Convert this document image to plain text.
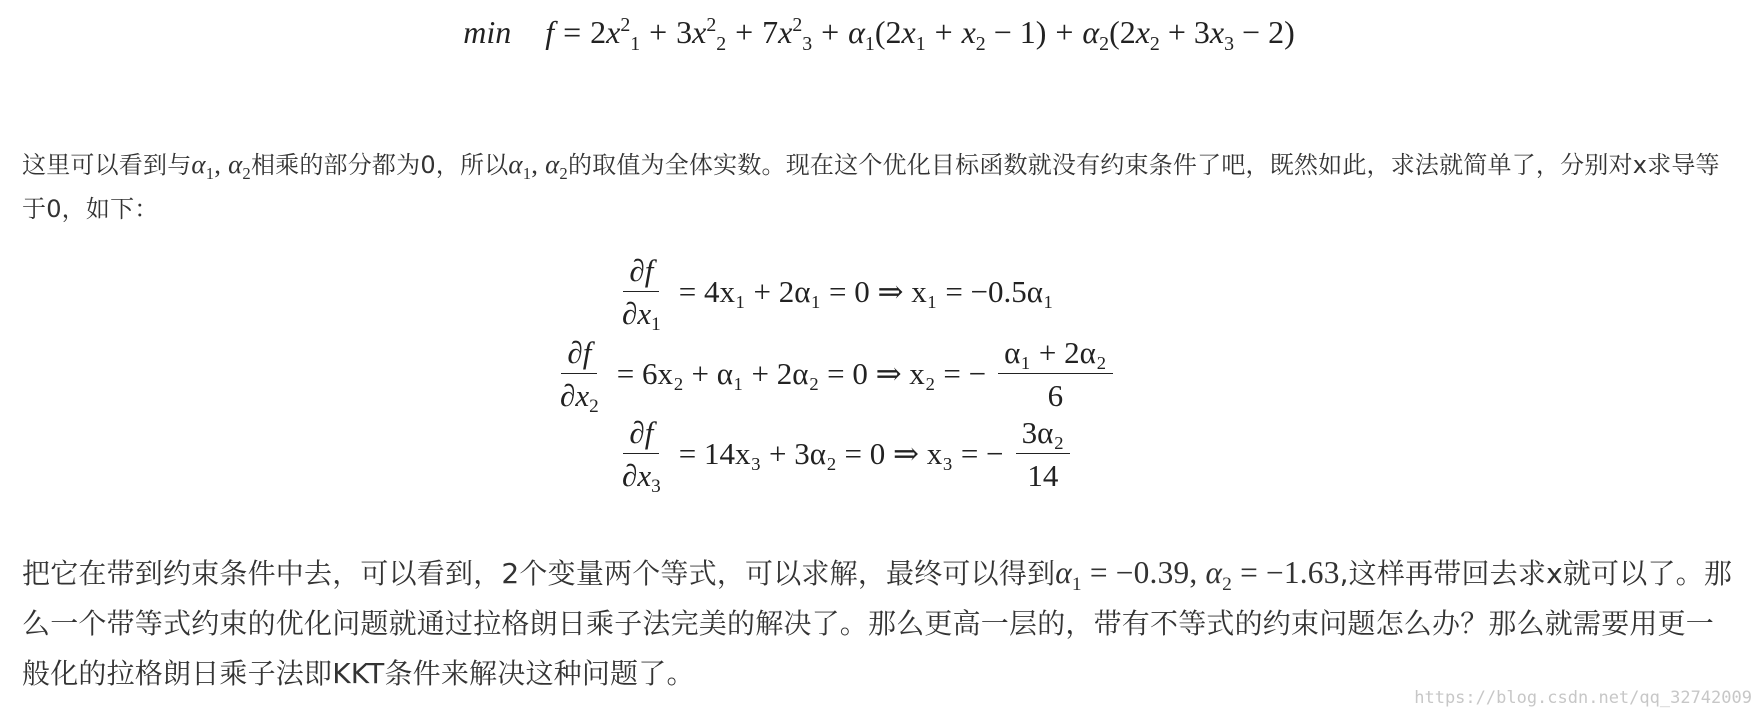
$\min f = 2x^2_1 + 3x^2_2 + 7x^2_3 + \alpha_1(2x_1 + x_2 - 1) + \alpha_2(2x_2 + 3x_3 - 2)$
这里可以看到与$\alpha_1$, $\alpha_2$相乘的部分都为0，所以$\alpha_1$, $\alpha_2$的取值为全体实数。现在这个优化目标函数就没有约束条件了吧，既然如此，求法就简单了，分别对x求导等于0，如下：
$\frac{\partial f}{\partial x_1} = 4x_1 + 2\alpha_1 = 0$ ⇒ x₁ = −0.5α₁
$\frac{\partial f}{\partial x_2} = 6x_2 + \alpha_1 + 2\alpha_2 = 0$ ⇒ x₂ = − $\frac{\text{α₁ + 2α₂}}{6}$
$\frac{\partial f}{\partial x_3} = 14x_3 + 3\alpha_2 = 0$ ⇒ x₃ = − $\frac{\text{3α₂}}{14}$
把它在带到约束条件中去，可以看到，2个变量两个等式，可以求解，最终可以得到$\alpha_1 = -0.39$, $\alpha_2 = -1.63$,这样再带回去求x就可以了。那么一个带等式约束的优化问题就通过拉格朗日乘子法完美的解决了。那么更高一层的，带有不等式的约束问题怎么办？那么就需要用更一般化的拉格朗日乘子法即KKT条件来解决这种问题了。
https://blog.csdn.net/qq_32742009
